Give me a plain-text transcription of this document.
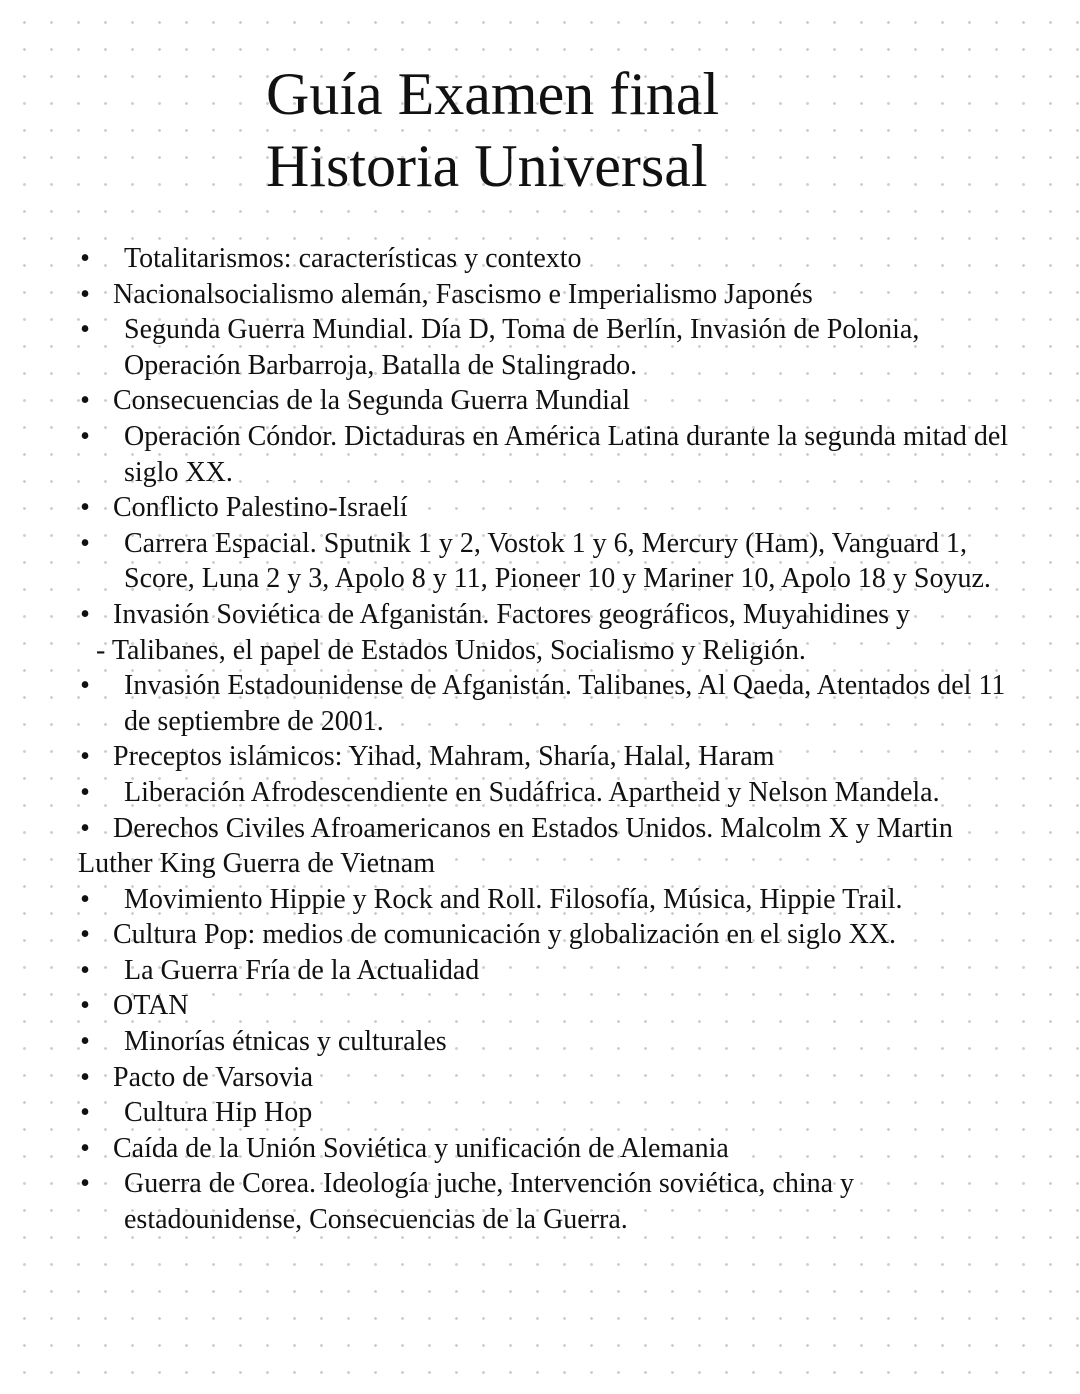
Guía Examen final
Historia Universal
•	Totalitarismos: características y contexto
• Nacionalsocialismo alemán, Fascismo e Imperialismo Japonés
•	Segunda Guerra Mundial. Día D, Toma de Berlín, Invasión de Polonia, Operación Barbarroja, Batalla de Stalingrado.
• Consecuencias de la Segunda Guerra Mundial
•	Operación Cóndor. Dictaduras en América Latina durante la segunda mitad del siglo XX.
• Conflicto Palestino-Israelí
•	Carrera Espacial. Sputnik 1 y 2, Vostok 1 y 6, Mercury (Ham), Vanguard 1, Score, Luna 2 y 3, Apolo 8 y 11, Pioneer 10 y Mariner 10, Apolo 18 y Soyuz.
• Invasión Soviética de Afganistán. Factores geográficos, Muyahidines y
- Talibanes, el papel de Estados Unidos, Socialismo y Religión.
•	Invasión Estadounidense de Afganistán. Talibanes, Al Qaeda, Atentados del 11 de septiembre de 2001.
• Preceptos islámicos: Yihad, Mahram, Sharía, Halal, Haram
•	Liberación Afrodescendiente en Sudáfrica. Apartheid y Nelson Mandela.
• Derechos Civiles Afroamericanos en Estados Unidos. Malcolm X y Martin Luther King Guerra de Vietnam
•	Movimiento Hippie y Rock and Roll. Filosofía, Música, Hippie Trail.
• Cultura Pop: medios de comunicación y globalización en el siglo XX.
•	La Guerra Fría de la Actualidad
• OTAN
•	Minorías étnicas y culturales
• Pacto de Varsovia
•	Cultura Hip Hop
• Caída de la Unión Soviética y unificación de Alemania
•	Guerra de Corea. Ideología juche, Intervención soviética, china y estadounidense, Consecuencias de la Guerra.
